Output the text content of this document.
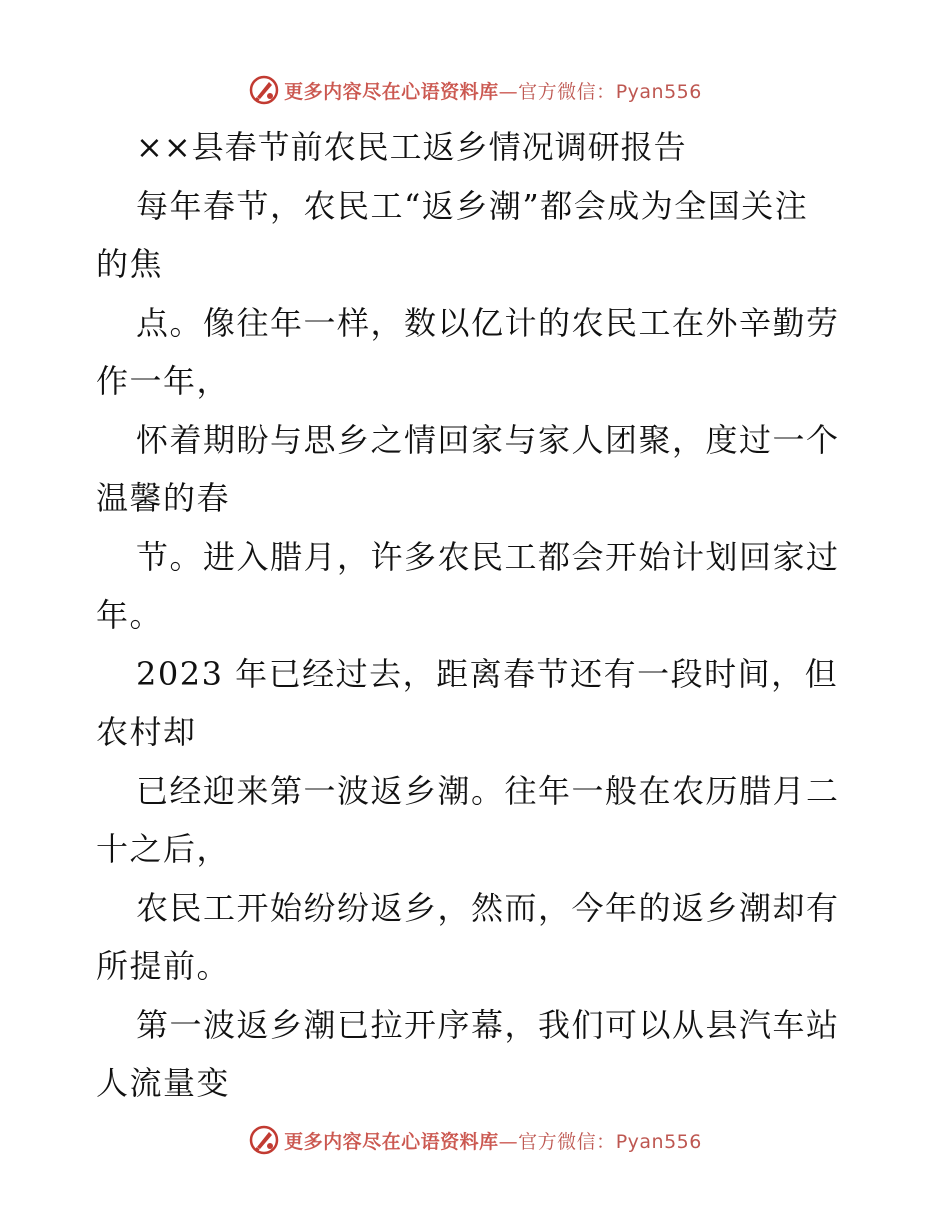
更多内容尽在心语资料库—官方微信：Pyan556
××县春节前农民工返乡情况调研报告
每年春节，农民工“返乡潮”都会成为全国关注
的焦
点。像往年一样，数以亿计的农民工在外辛勤劳
作一年，
怀着期盼与思乡之情回家与家人团聚，度过一个
温馨的春
节。进入腊月，许多农民工都会开始计划回家过
年。
2023 年已经过去，距离春节还有一段时间，但
农村却
已经迎来第一波返乡潮。往年一般在农历腊月二
十之后，
农民工开始纷纷返乡，然而，今年的返乡潮却有
所提前。
第一波返乡潮已拉开序幕，我们可以从县汽车站
人流量变
更多内容尽在心语资料库—官方微信：Pyan556
